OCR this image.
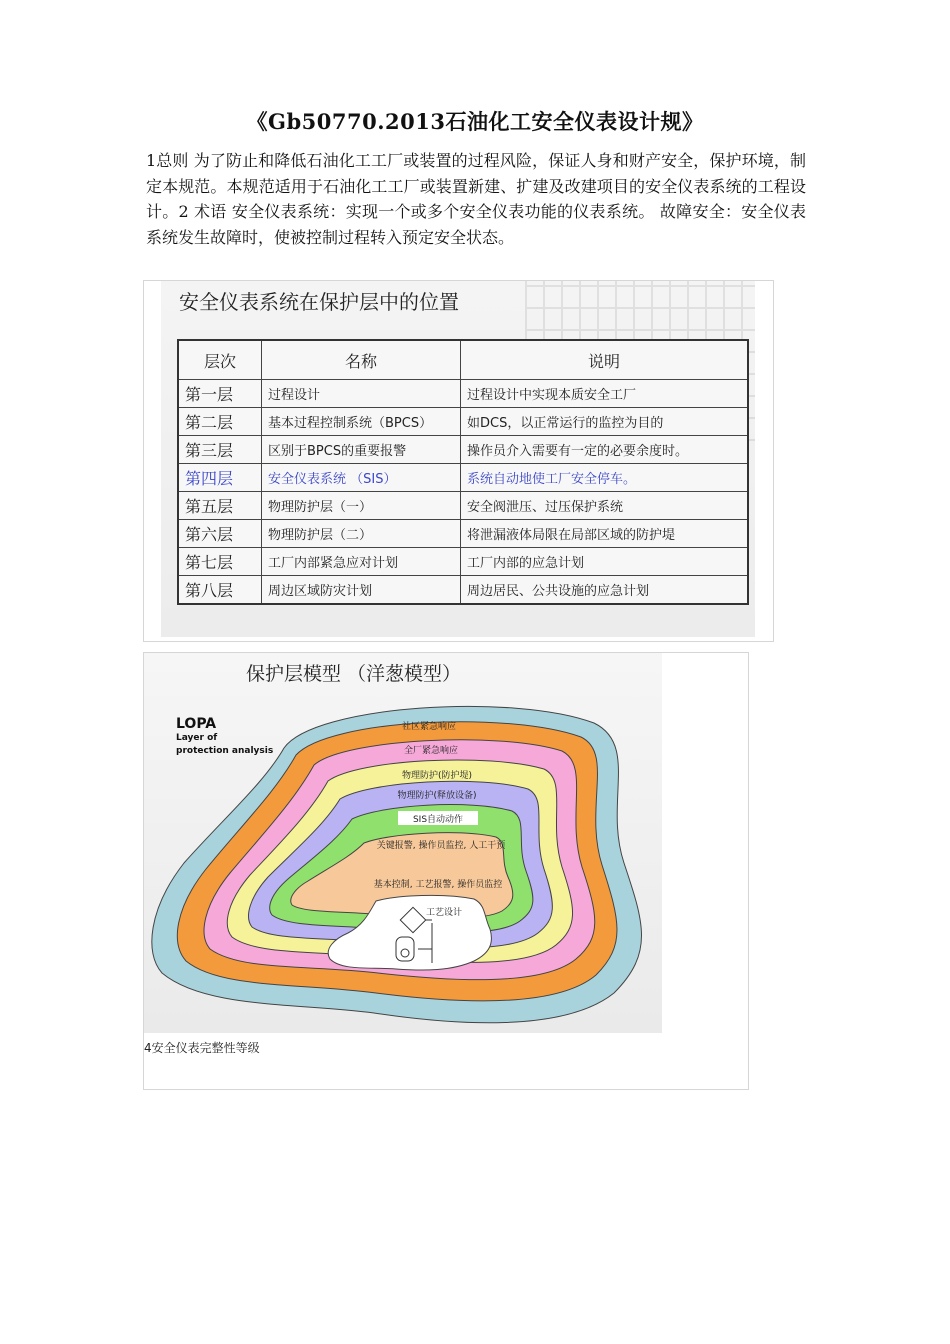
《Gb50770.2013石油化工安全仪表设计规》

1总则 为了防止和降低石油化工工厂或装置的过程风险，保证人身和财产安全，保护环境，制定本规范。本规范适用于石油化工工厂或装置新建、扩建及改建项目的安全仪表系统的工程设计。2 术语 安全仪表系统：实现一个或多个安全仪表功能的仪表系统。 故障安全：安全仪表系统发生故障时，使被控制过程转入预定安全状态。

安全仪表系统在保护层中的位置
层次	名称	说明
第一层	过程设计	过程设计中实现本质安全工厂
第二层	基本过程控制系统（BPCS）	如DCS，以正常运行的监控为目的
第三层	区别于BPCS的重要报警	操作员介入需要有一定的必要余度时。
第四层	安全仪表系统 （SIS）	系统自动地使工厂安全停车。
第五层	物理防护层（一）	安全阀泄压、过压保护系统
第六层	物理防护层（二）	将泄漏液体局限在局部区域的防护堤
第七层	工厂内部紧急应对计划	工厂内部的应急计划
第八层	周边区域防灾计划	周边居民、公共设施的应急计划
社区紧急响应
全厂紧急响应
物理防护(防护堤)
物理防护(释放设备)
SIS自动动作
关键报警, 操作员监控, 人工干预
基本控制, 工艺报警, 操作员监控
工艺设计
保护层模型 （洋葱模型）
LOPA
Layer of
protection analysis
4安全仪表完整性等级
